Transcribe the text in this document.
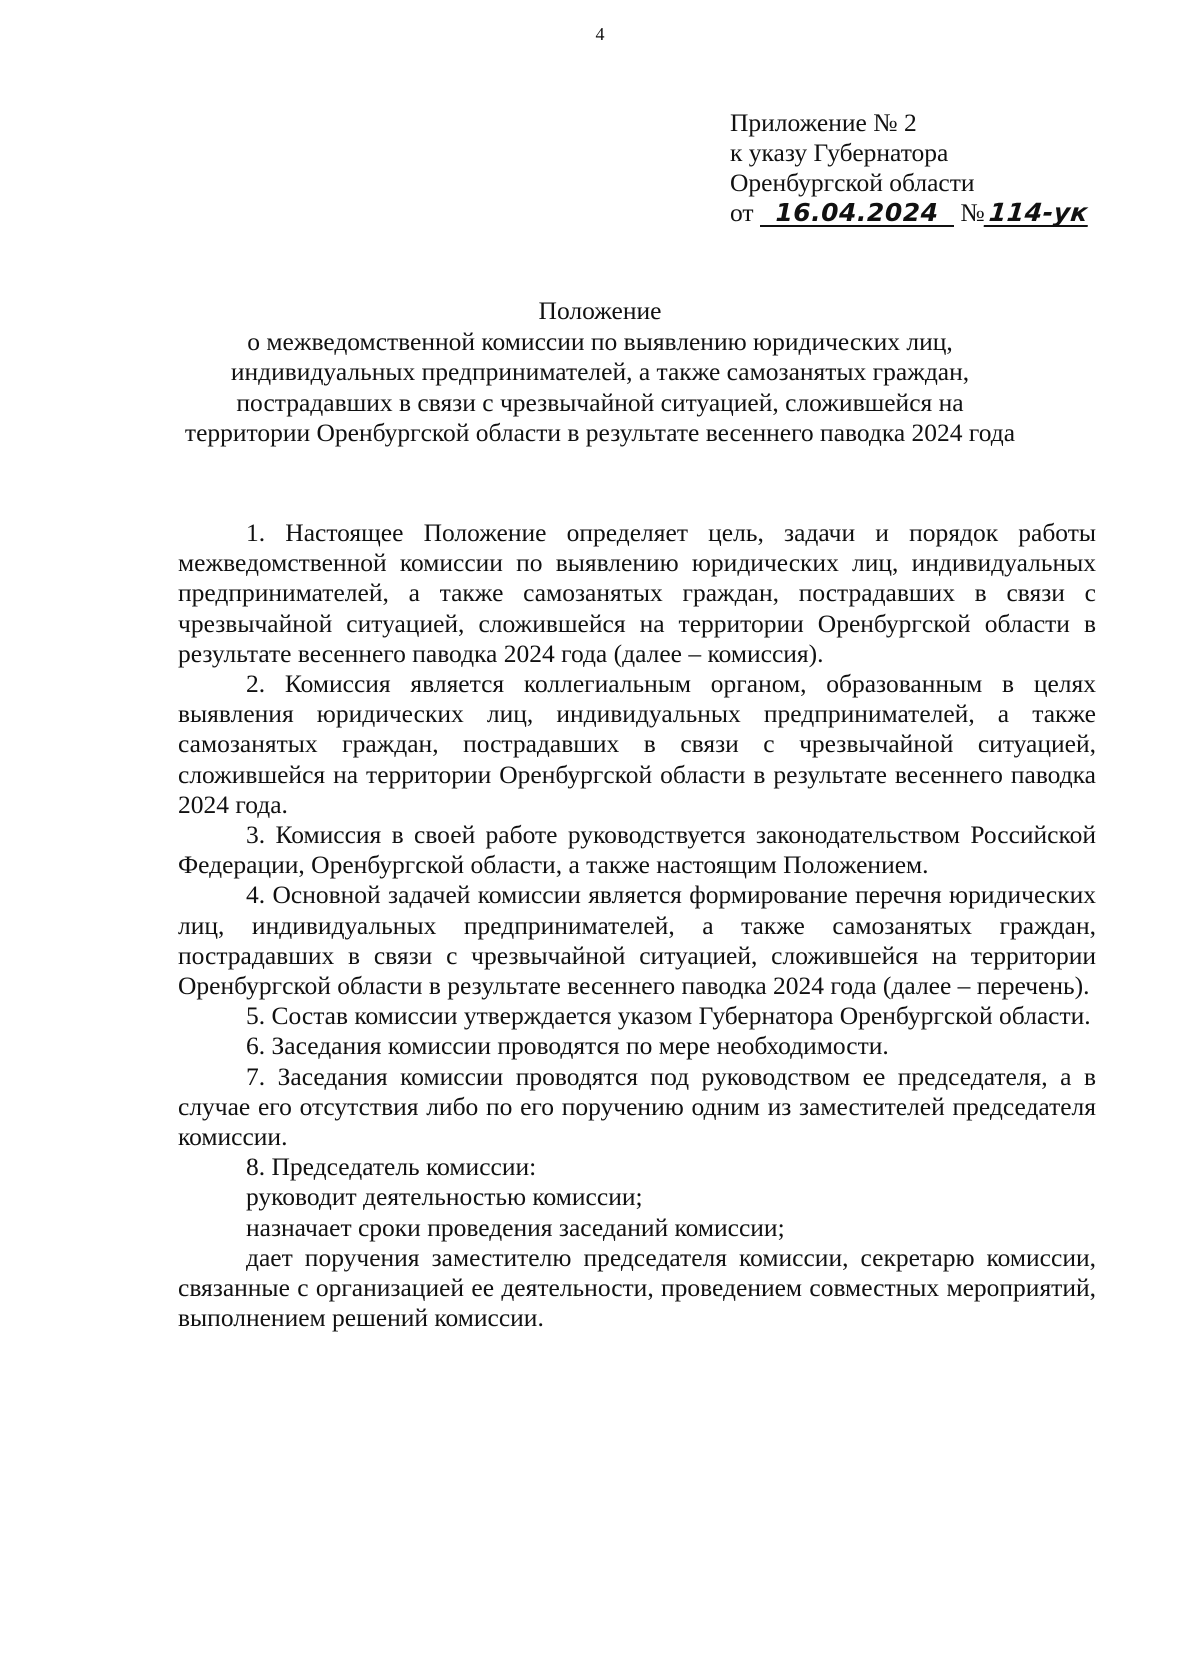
4
Приложение № 2
к указу Губернатора
Оренбургской области
от 16.04.2024 № 114-ук
Положение
о межведомственной комиссии по выявлению юридических лиц,
индивидуальных предпринимателей, а также самозанятых граждан,
пострадавших в связи с чрезвычайной ситуацией, сложившейся на
территории Оренбургской области в результате весеннего паводка 2024 года

1. Настоящее Положение определяет цель, задачи и порядок работы межведомственной комиссии по выявлению юридических лиц, индивидуальных предпринимателей, а также самозанятых граждан, пострадавших в связи с чрезвычайной ситуацией, сложившейся на территории Оренбургской области в результате весеннего паводка 2024 года (далее – комиссия).

2. Комиссия является коллегиальным органом, образованным в целях выявления юридических лиц, индивидуальных предпринимателей, а также самозанятых граждан, пострадавших в связи с чрезвычайной ситуацией, сложившейся на территории Оренбургской области в результате весеннего паводка 2024 года.

3. Комиссия в своей работе руководствуется законодательством Российской Федерации, Оренбургской области, а также настоящим Положением.

4. Основной задачей комиссии является формирование перечня юридических лиц, индивидуальных предпринимателей, а также самозанятых граждан, пострадавших в связи с чрезвычайной ситуацией, сложившейся на территории Оренбургской области в результате весеннего паводка 2024 года (далее – перечень).

5. Состав комиссии утверждается указом Губернатора Оренбургской области.

6. Заседания комиссии проводятся по мере необходимости.

7. Заседания комиссии проводятся под руководством ее председателя, а в случае его отсутствия либо по его поручению одним из заместителей председателя комиссии.

8. Председатель комиссии:

руководит деятельностью комиссии;

назначает сроки проведения заседаний комиссии;

дает поручения заместителю председателя комиссии, секретарю комиссии, связанные с организацией ее деятельности, проведением совместных мероприятий, выполнением решений комиссии.
